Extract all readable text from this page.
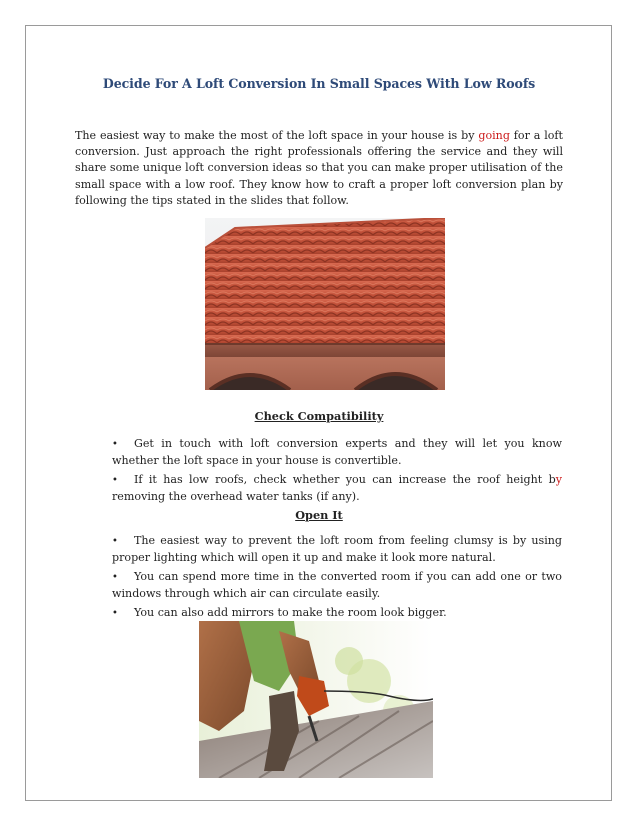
Decide For A Loft Conversion In Small Spaces With Low Roofs

The easiest way to make the most of the loft space in your house is by going for a loft conversion. Just approach the right professionals offering the service and they will share some unique loft conversion ideas so that you can make proper utilisation of the small space with a low roof. They know how to craft a proper loft conversion plan by following the tips stated in the slides that follow.

Check Compatibility
• Get in touch with loft conversion experts and they will let you know whether the loft space in your house is convertible.
• If it has low roofs, check whether you can increase the roof height by removing the overhead water tanks (if any).
Open It
• The easiest way to prevent the loft room from feeling clumsy is by using proper lighting which will open it up and make it look more natural.
• You can spend more time in the converted room if you can add one or two windows through which air can circulate easily.
• You can also add mirrors to make the room look bigger.
